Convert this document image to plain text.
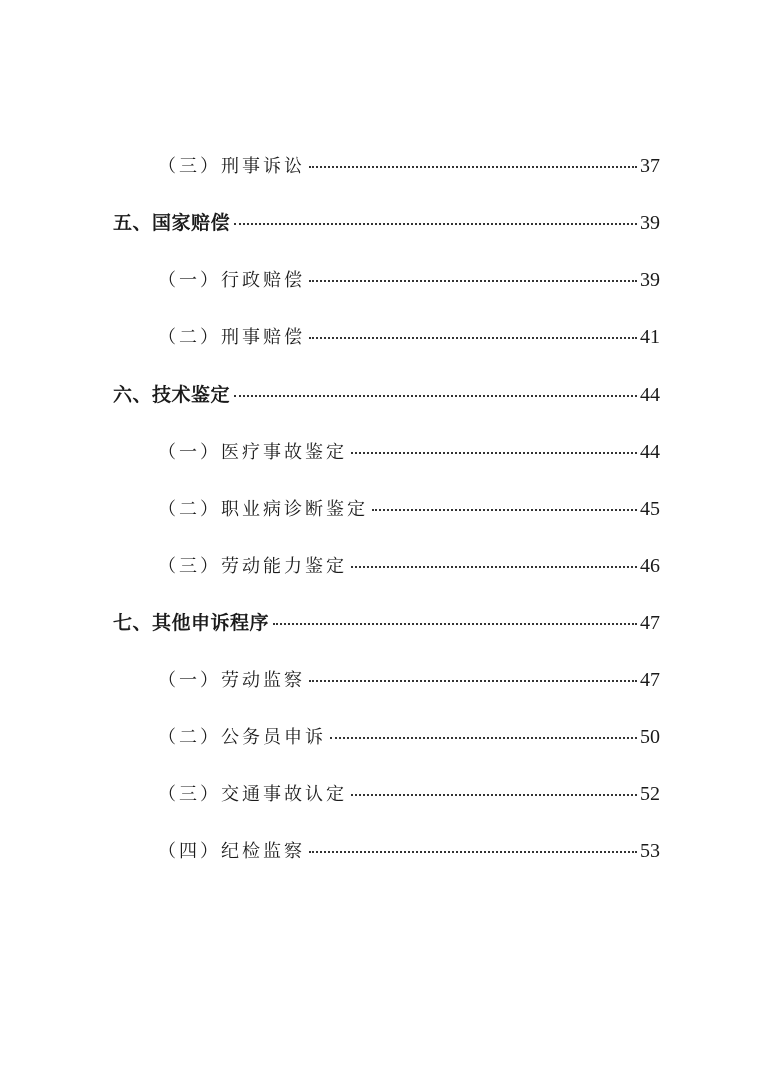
（三）刑事诉讼	37
五、国家赔偿	39
（一）行政赔偿	39
（二）刑事赔偿	41
六、技术鉴定	44
（一）医疗事故鉴定	44
（二）职业病诊断鉴定	45
（三）劳动能力鉴定	46
七、其他申诉程序	47
（一）劳动监察	47
（二）公务员申诉	50
（三）交通事故认定	52
（四）纪检监察	53
